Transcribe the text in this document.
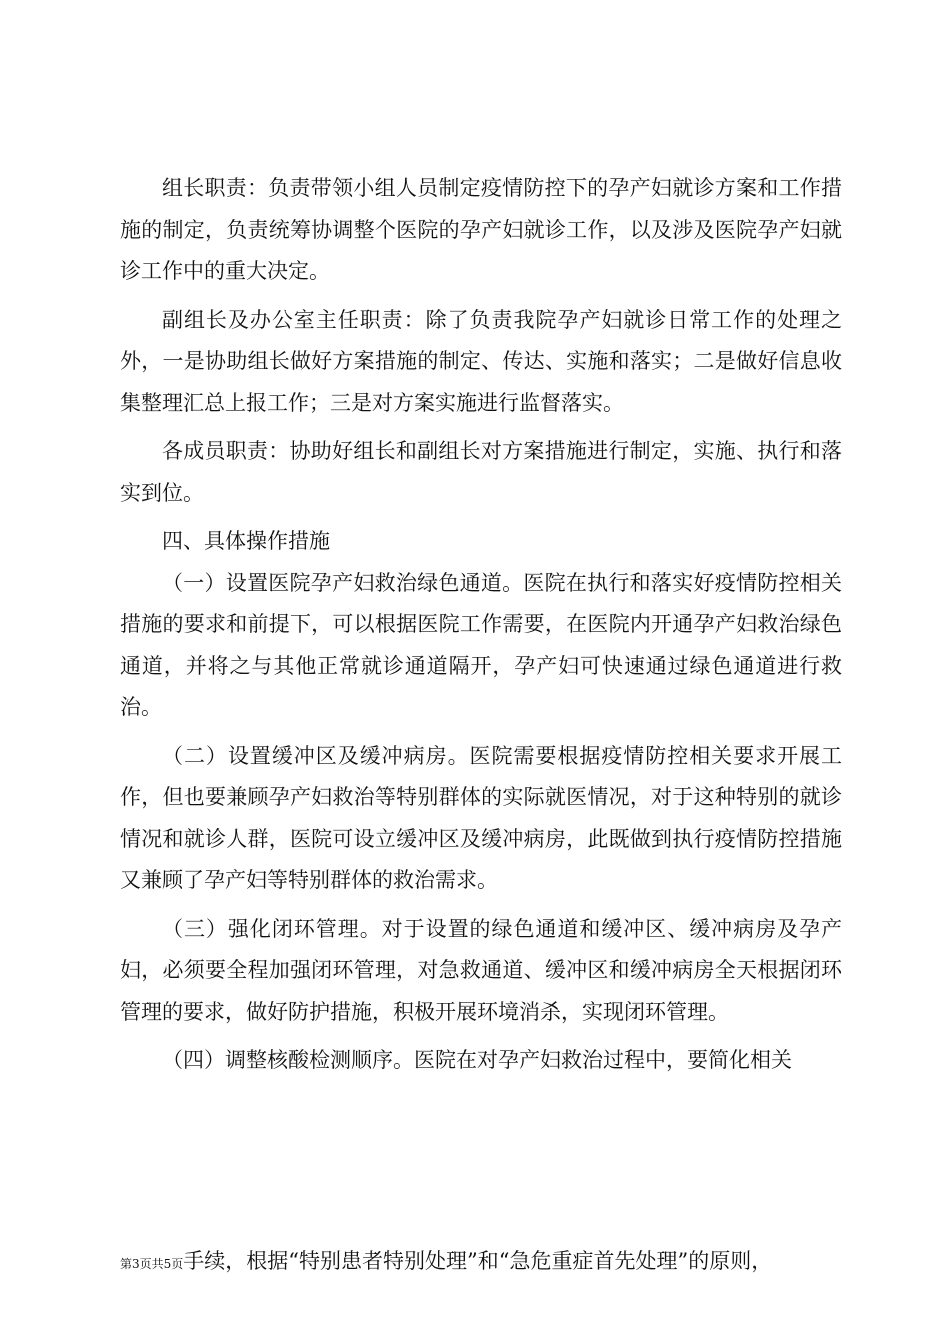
组长职责：负责带领小组人员制定疫情防控下的孕产妇就诊方案和工作措施的制定，负责统筹协调整个医院的孕产妇就诊工作，以及涉及医院孕产妇就诊工作中的重大决定。

副组长及办公室主任职责：除了负责我院孕产妇就诊日常工作的处理之外，一是协助组长做好方案措施的制定、传达、实施和落实；二是做好信息收集整理汇总上报工作；三是对方案实施进行监督落实。

各成员职责：协助好组长和副组长对方案措施进行制定，实施、执行和落实到位。

四、具体操作措施

（一）设置医院孕产妇救治绿色通道。医院在执行和落实好疫情防控相关措施的要求和前提下，可以根据医院工作需要，在医院内开通孕产妇救治绿色通道，并将之与其他正常就诊通道隔开，孕产妇可快速通过绿色通道进行救治。

（二）设置缓冲区及缓冲病房。医院需要根据疫情防控相关要求开展工作，但也要兼顾孕产妇救治等特别群体的实际就医情况，对于这种特别的就诊情况和就诊人群，医院可设立缓冲区及缓冲病房，此既做到执行疫情防控措施又兼顾了孕产妇等特别群体的救治需求。

（三）强化闭环管理。对于设置的绿色通道和缓冲区、缓冲病房及孕产妇，必须要全程加强闭环管理，对急救通道、缓冲区和缓冲病房全天根据闭环管理的要求，做好防护措施，积极开展环境消杀，实现闭环管理。

（四）调整核酸检测顺序。医院在对孕产妇救治过程中，要简化相关

第3页共5页手续，根据“特别患者特别处理”和“急危重症首先处理”的原则，
